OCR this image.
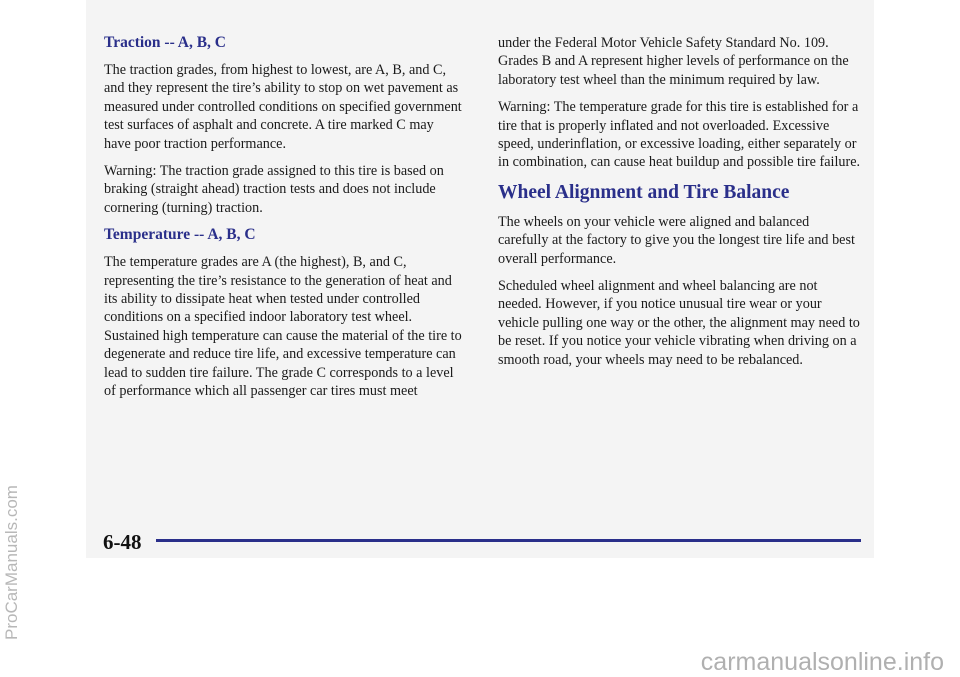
Traction -- A, B, C

The traction grades, from highest to lowest, are A, B, and C, and they represent the tire’s ability to stop on wet pavement as measured under controlled conditions on specified government test surfaces of asphalt and concrete. A tire marked C may have poor traction performance.

Warning: The traction grade assigned to this tire is based on braking (straight ahead) traction tests and does not include cornering (turning) traction.

Temperature -- A, B, C

The temperature grades are A (the highest), B, and C, representing the tire’s resistance to the generation of heat and its ability to dissipate heat when tested under controlled conditions on a specified indoor laboratory test wheel. Sustained high temperature can cause the material of the tire to degenerate and reduce tire life, and excessive temperature can lead to sudden tire failure. The grade C corresponds to a level of performance which all passenger car tires must meet

under the Federal Motor Vehicle Safety Standard No. 109. Grades B and A represent higher levels of performance on the laboratory test wheel than the minimum required by law.

Warning: The temperature grade for this tire is established for a tire that is properly inflated and not overloaded. Excessive speed, underinflation, or excessive loading, either separately or in combination, can cause heat buildup and possible tire failure.

Wheel Alignment and Tire Balance

The wheels on your vehicle were aligned and balanced carefully at the factory to give you the longest tire life and best overall performance.

Scheduled wheel alignment and wheel balancing are not needed. However, if you notice unusual tire wear or your vehicle pulling one way or the other, the alignment may need to be reset. If you notice your vehicle vibrating when driving on a smooth road, your wheels may need to be rebalanced.

6-48
ProCarManuals.com
carmanualsonline.info
